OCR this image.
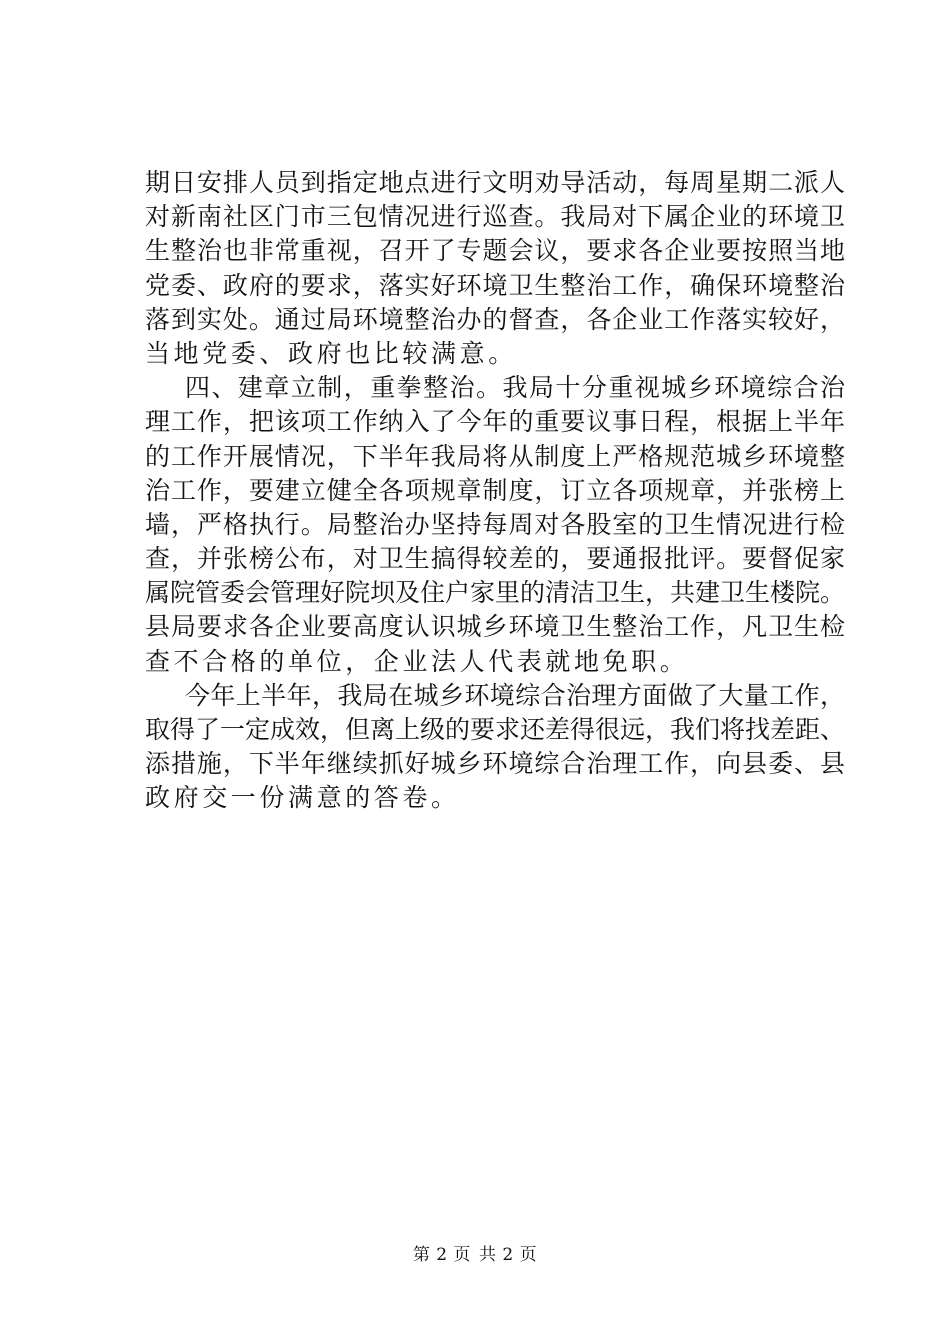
期日安排人员到指定地点进行文明劝导活动，每周星期二派人
对新南社区门市三包情况进行巡查。我局对下属企业的环境卫
生整治也非常重视，召开了专题会议，要求各企业要按照当地
党委、政府的要求，落实好环境卫生整治工作，确保环境整治
落到实处。通过局环境整治办的督查，各企业工作落实较好，
当地党委、政府也比较满意。
四、建章立制，重拳整治。我局十分重视城乡环境综合治
理工作，把该项工作纳入了今年的重要议事日程，根据上半年
的工作开展情况，下半年我局将从制度上严格规范城乡环境整
治工作，要建立健全各项规章制度，订立各项规章，并张榜上
墙，严格执行。局整治办坚持每周对各股室的卫生情况进行检
查，并张榜公布，对卫生搞得较差的，要通报批评。要督促家
属院管委会管理好院坝及住户家里的清洁卫生，共建卫生楼院。
县局要求各企业要高度认识城乡环境卫生整治工作，凡卫生检
查不合格的单位，企业法人代表就地免职。
今年上半年，我局在城乡环境综合治理方面做了大量工作，
取得了一定成效，但离上级的要求还差得很远，我们将找差距、
添措施，下半年继续抓好城乡环境综合治理工作，向县委、县
政府交一份满意的答卷。
第 2 页 共 2 页
